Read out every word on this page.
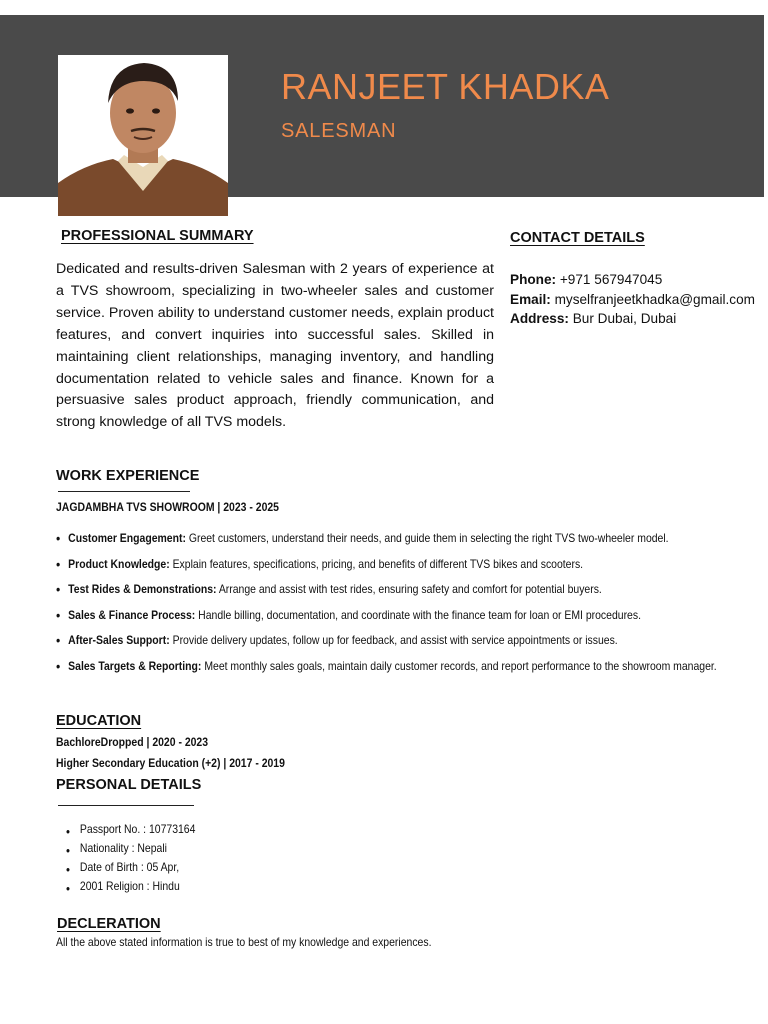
RANJEET KHADKA
SALESMAN
PROFESSIONAL SUMMARY
Dedicated and results-driven Salesman with 2 years of experience at a TVS showroom, specializing in two-wheeler sales and customer service. Proven ability to understand customer needs, explain product features, and convert inquiries into successful sales. Skilled in maintaining client relationships, managing inventory, and handling documentation related to vehicle sales and finance. Known for a persuasive sales product approach, friendly communication, and strong knowledge of all TVS models.
CONTACT DETAILS
Phone: +971 567947045
Email: myselfranjeetkhadka@gmail.com
Address: Bur Dubai, Dubai
WORK EXPERIENCE
JAGDAMBHA TVS SHOWROOM | 2023 - 2025
• Customer Engagement: Greet customers, understand their needs, and guide them in selecting the right TVS two-wheeler model.
• Product Knowledge: Explain features, specifications, pricing, and benefits of different TVS bikes and scooters.
• Test Rides & Demonstrations: Arrange and assist with test rides, ensuring safety and comfort for potential buyers.
• Sales & Finance Process: Handle billing, documentation, and coordinate with the finance team for loan or EMI procedures.
• After-Sales Support: Provide delivery updates, follow up for feedback, and assist with service appointments or issues.
• Sales Targets & Reporting: Meet monthly sales goals, maintain daily customer records, and report performance to the showroom manager.
EDUCATION
BachloreDropped | 2020 - 2023
Higher Secondary Education (+2) | 2017 - 2019
PERSONAL DETAILS
• Passport No. : 10773164
• Nationality : Nepali
• Date of Birth : 05 Apr,
• 2001 Religion : Hindu
DECLERATION
All the above stated information is true to best of my knowledge and experiences.
